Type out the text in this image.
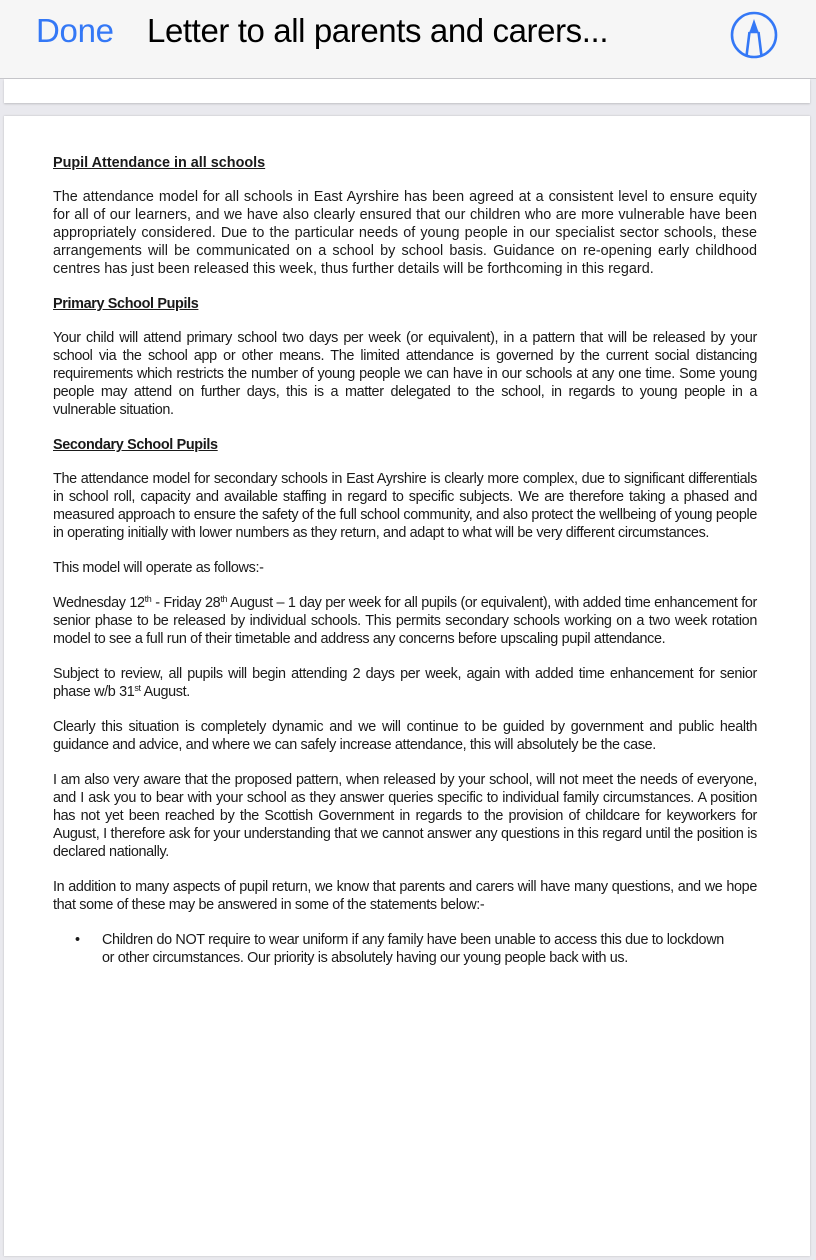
Done Letter to all parents and carers...
Pupil Attendance in all schools

The attendance model for all schools in East Ayrshire has been agreed at a consistent level to ensure equity for all of our learners, and we have also clearly ensured that our children who are more vulnerable have been appropriately considered. Due to the particular needs of young people in our specialist sector schools, these arrangements will be communicated on a school by school basis. Guidance on re-opening early childhood centres has just been released this week, thus further details will be forthcoming in this regard.

Primary School Pupils

Your child will attend primary school two days per week (or equivalent), in a pattern that will be released by your school via the school app or other means. The limited attendance is governed by the current social distancing requirements which restricts the number of young people we can have in our schools at any one time. Some young people may attend on further days, this is a matter delegated to the school, in regards to young people in a vulnerable situation.

Secondary School Pupils

The attendance model for secondary schools in East Ayrshire is clearly more complex, due to significant differentials in school roll, capacity and available staffing in regard to specific subjects. We are therefore taking a phased and measured approach to ensure the safety of the full school community, and also protect the wellbeing of young people in operating initially with lower numbers as they return, and adapt to what will be very different circumstances.

This model will operate as follows:-

Wednesday 12th - Friday 28th August – 1 day per week for all pupils (or equivalent), with added time enhancement for senior phase to be released by individual schools. This permits secondary schools working on a two week rotation model to see a full run of their timetable and address any concerns before upscaling pupil attendance.

Subject to review, all pupils will begin attending 2 days per week, again with added time enhancement for senior phase w/b 31st August.

Clearly this situation is completely dynamic and we will continue to be guided by government and public health guidance and advice, and where we can safely increase attendance, this will absolutely be the case.

I am also very aware that the proposed pattern, when released by your school, will not meet the needs of everyone, and I ask you to bear with your school as they answer queries specific to individual family circumstances. A position has not yet been reached by the Scottish Government in regards to the provision of childcare for keyworkers for August, I therefore ask for your understanding that we cannot answer any questions in this regard until the position is declared nationally.

In addition to many aspects of pupil return, we know that parents and carers will have many questions, and we hope that some of these may be answered in some of the statements below:-

• Children do NOT require to wear uniform if any family have been unable to access this due to lockdown or other circumstances. Our priority is absolutely having our young people back with us.
